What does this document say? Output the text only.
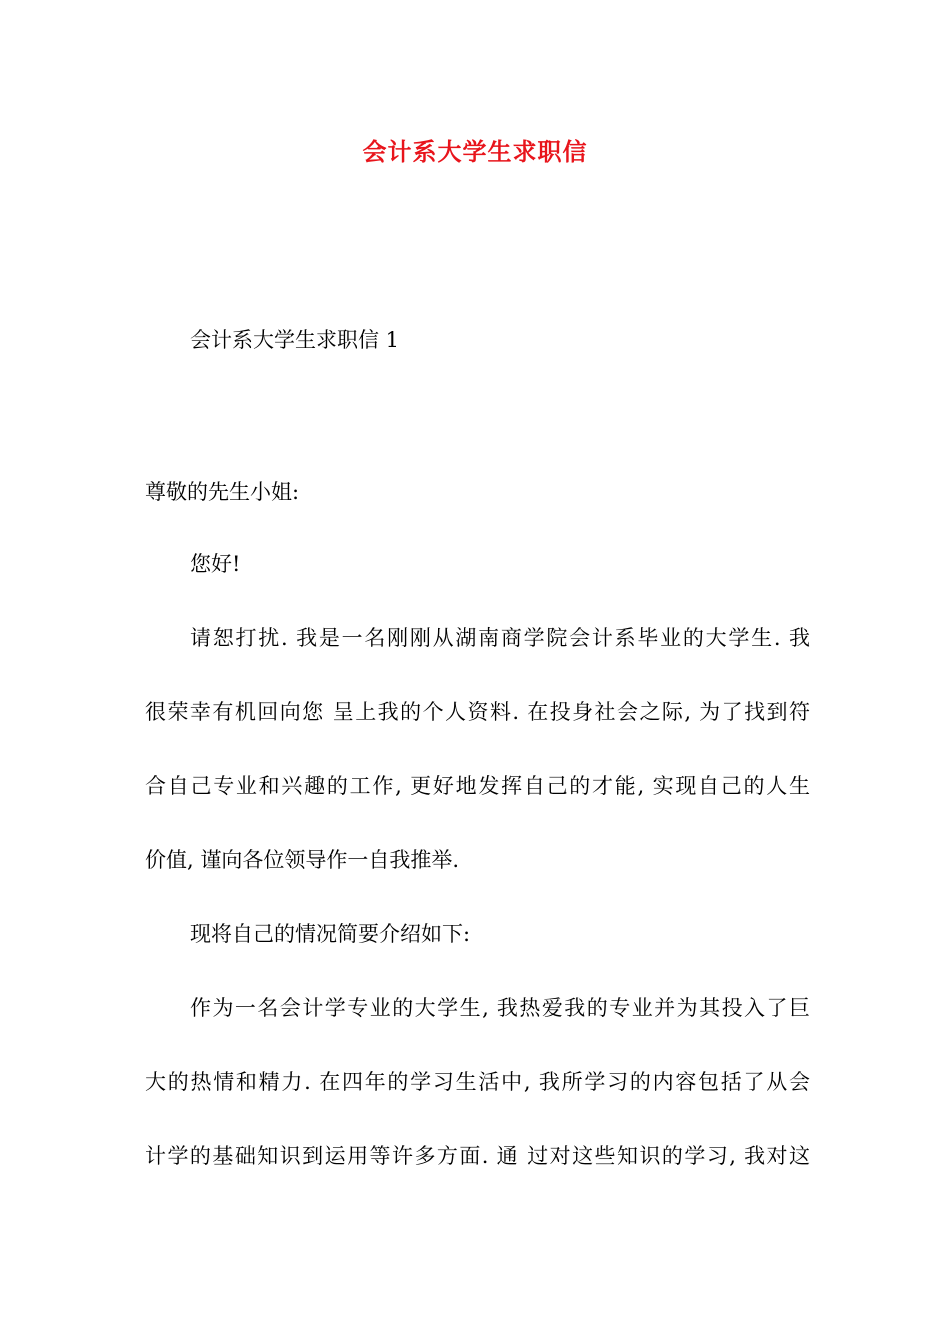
会计系大学生求职信
会计系大学生求职信 1
尊敬的先生小姐:
您好!
请恕打扰. 我是一名刚刚从湖南商学院会计系毕业的大学生. 我
很荣幸有机回向您 呈上我的个人资料. 在投身社会之际, 为了找到符
合自己专业和兴趣的工作, 更好地发挥自己的才能, 实现自己的人生
价值, 谨向各位领导作一自我推举.
现将自己的情况简要介绍如下:
作为一名会计学专业的大学生, 我热爱我的专业并为其投入了巨
大的热情和精力. 在四年的学习生活中, 我所学习的内容包括了从会
计学的基础知识到运用等许多方面. 通 过对这些知识的学习, 我对这
